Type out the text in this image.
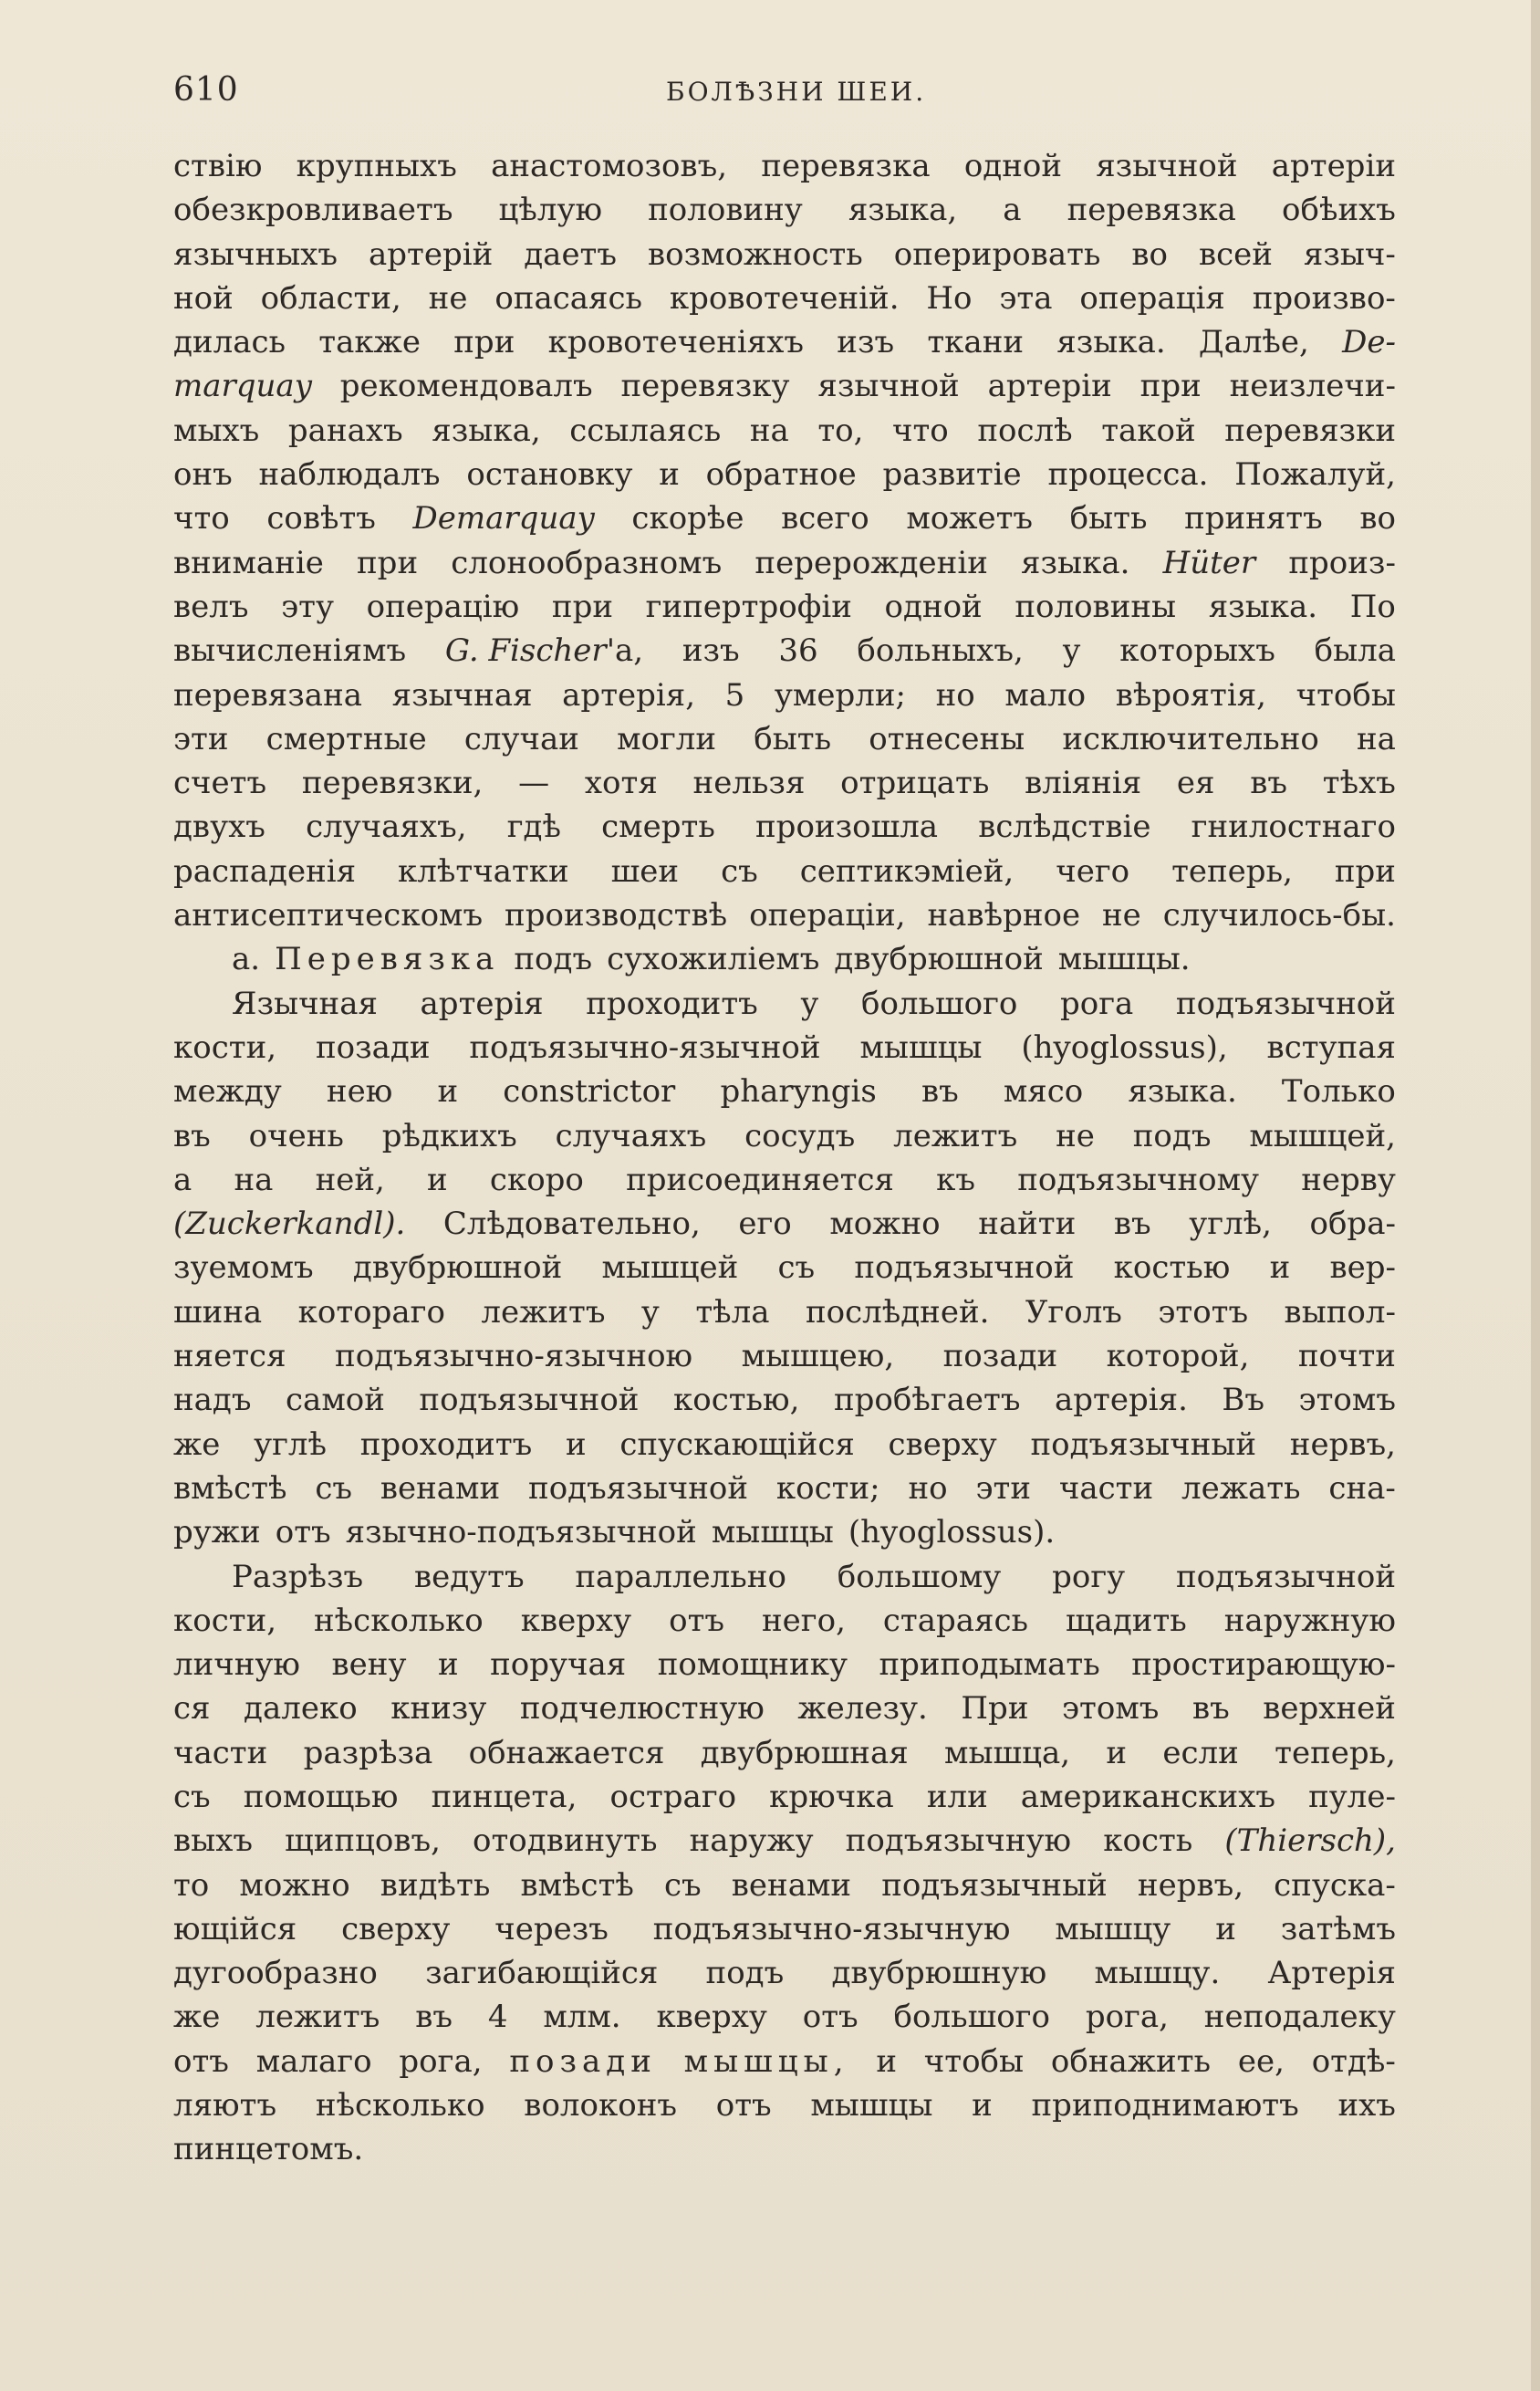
610	БОЛѢЗНИ ШЕИ.
ствію крупныхъ анастомозовъ, перевязка одной язычной артеріи
обезкровливаетъ цѣлую половину языка, а перевязка обѣихъ
язычныхъ артерій даетъ возможность оперировать во всей языч-
ной области, не опасаясь кровотеченій. Но эта операція произво-
дилась также при кровотеченіяхъ изъ ткани языка. Далѣе, De-
marquay рекомендовалъ перевязку язычной артеріи при неизлечи-
мыхъ ранахъ языка, ссылаясь на то, что послѣ такой перевязки
онъ наблюдалъ остановку и обратное развитіе процесса. Пожалуй,
что совѣтъ Demarquay скорѣе всего можетъ быть принятъ во
вниманіе при слонообразномъ перерожденіи языка. Hüter произ-
велъ эту операцію при гипертрофіи одной половины языка. По
вычисленіямъ G. Fischer'а, изъ 36 больныхъ, у которыхъ была
перевязана язычная артерія, 5 умерли; но мало вѣроятія, чтобы
эти смертные случаи могли быть отнесены исключительно на
счетъ перевязки, — хотя нельзя отрицать вліянія ея въ тѣхъ
двухъ случаяхъ, гдѣ смерть произошла вслѣдствіе гнилостнаго
распаденія клѣтчатки шеи съ септикэміей, чего теперь, при
антисептическомъ производствѣ операціи, навѣрное не случилось-бы.
а. Перевязка подъ сухожиліемъ двубрюшной мышцы.
Язычная артерія проходитъ у большого рога подъязычной
кости, позади подъязычно-язычной мышцы (hyoglossus), вступая
между нею и constrictor pharyngis въ мясо языка. Только
въ очень рѣдкихъ случаяхъ сосудъ лежитъ не подъ мышцей,
а на ней, и скоро присоединяется къ подъязычному нерву
(Zuckerkandl). Слѣдовательно, его можно найти въ углѣ, обра-
зуемомъ двубрюшной мышцей съ подъязычной костью и вер-
шина котораго лежитъ у тѣла послѣдней. Уголъ этотъ выпол-
няется подъязычно-язычною мышцею, позади которой, почти
надъ самой подъязычной костью, пробѣгаетъ артерія. Въ этомъ
же углѣ проходитъ и спускающійся сверху подъязычный нервъ,
вмѣстѣ съ венами подъязычной кости; но эти части лежать сна-
ружи отъ язычно-подъязычной мышцы (hyoglossus).
Разрѣзъ ведутъ параллельно большому рогу подъязычной
кости, нѣсколько кверху отъ него, стараясь щадить наружную
личную вену и поручая помощнику приподымать простирающую-
ся далеко книзу подчелюстную железу. При этомъ въ верхней
части разрѣза обнажается двубрюшная мышца, и если теперь,
съ помощью пинцета, остраго крючка или американскихъ пуле-
выхъ щипцовъ, отодвинуть наружу подъязычную кость (Thiersch),
то можно видѣть вмѣстѣ съ венами подъязычный нервъ, спуска-
ющійся сверху черезъ подъязычно-язычную мышцу и затѣмъ
дугообразно загибающійся подъ двубрюшную мышцу. Артерія
же лежитъ въ 4 млм. кверху отъ большого рога, неподалеку
отъ малаго рога, позади мышцы, и чтобы обнажить ее, отдѣ-
ляютъ нѣсколько волоконъ отъ мышцы и приподнимаютъ ихъ
пинцетомъ.
